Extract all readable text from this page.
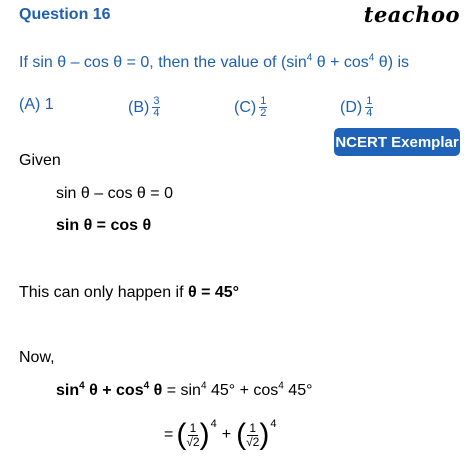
Question 16	teachoo
If sin θ – cos θ = 0, then the value of ($\sin^4$ $\theta + \cos^4 \theta$) is
(A) 1	$(B) \frac{3}{4}$	$(C) \frac{1}{2}$	$(D) \frac{1}{4}$
NCERT Exemplar
Given
sin θ – cos θ = 0
sin θ = cos θ
This can only happen if θ = 45°
Now,
$\sin^4 \theta + \cos^4 \theta = \sin^4 45^\circ + \cos^4 45^\circ$
= ( $\frac{1}{√2}$ ) 4
+ ( $\frac{1}{√2}$ ) 4
